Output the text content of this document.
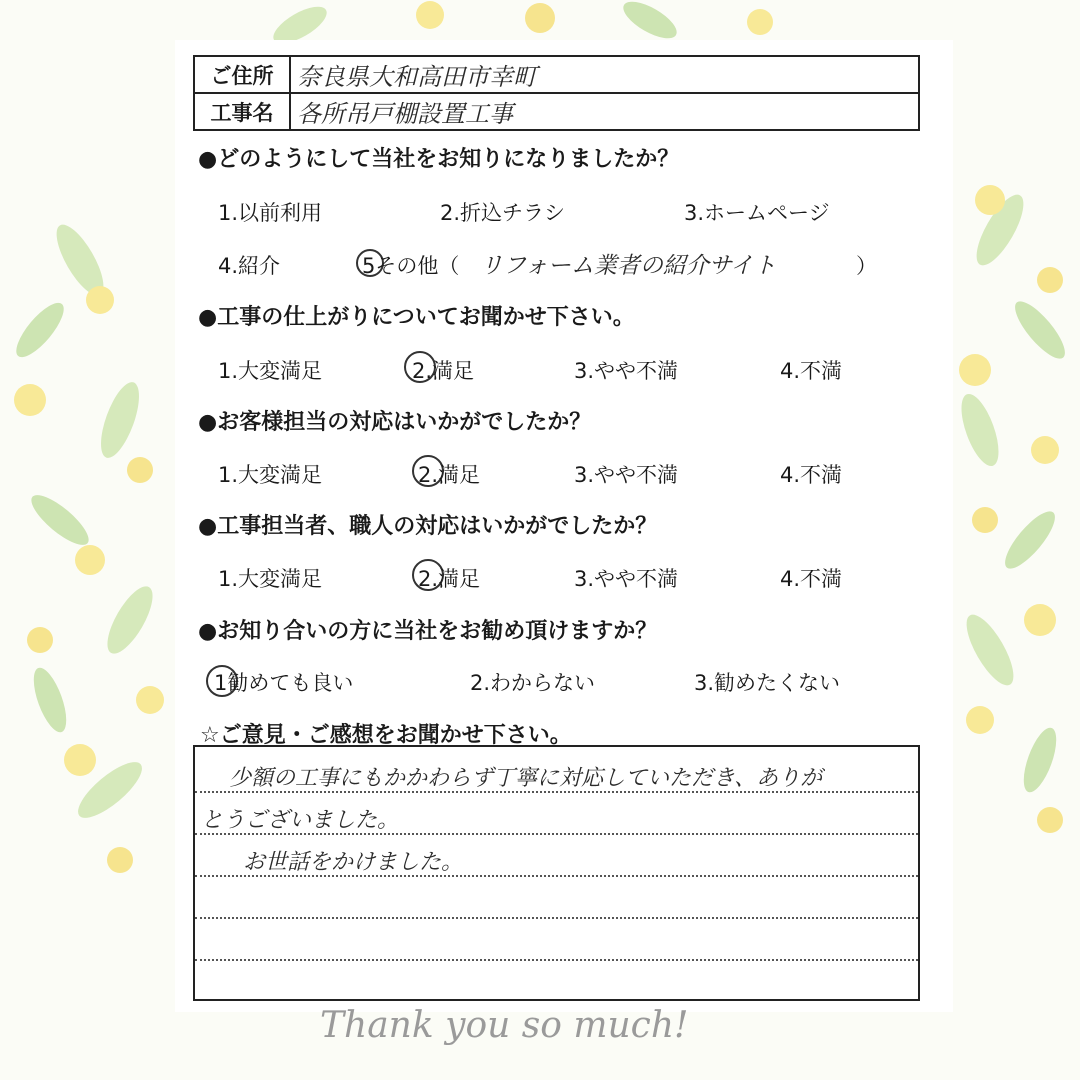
ご住所	奈良県大和高田市幸町
工事名	各所吊戸棚設置工事
●どのようにして当社をお知りになりましたか？
1.以前利用	2.折込チラシ	3.ホームページ
4.紹介	5その他（ リフォーム業者の紹介サイト	）
●工事の仕上がりについてお聞かせ下さい。
1.大変満足	2.満足	3.やや不満	4.不満
●お客様担当の対応はいかがでしたか？
1.大変満足	2.満足	3.やや不満	4.不満
●工事担当者、職人の対応はいかがでしたか？
1.大変満足	2.満足	3.やや不満	4.不満
●お知り合いの方に当社をお勧め頂けますか？
1勧めても良い	2.わからない	3.勧めたくない
☆ご意見・ご感想をお聞かせ下さい。
少額の工事にもかかわらず丁寧に対応していただき、ありが
とうございました。
お世話をかけました。
Thank you so much!
